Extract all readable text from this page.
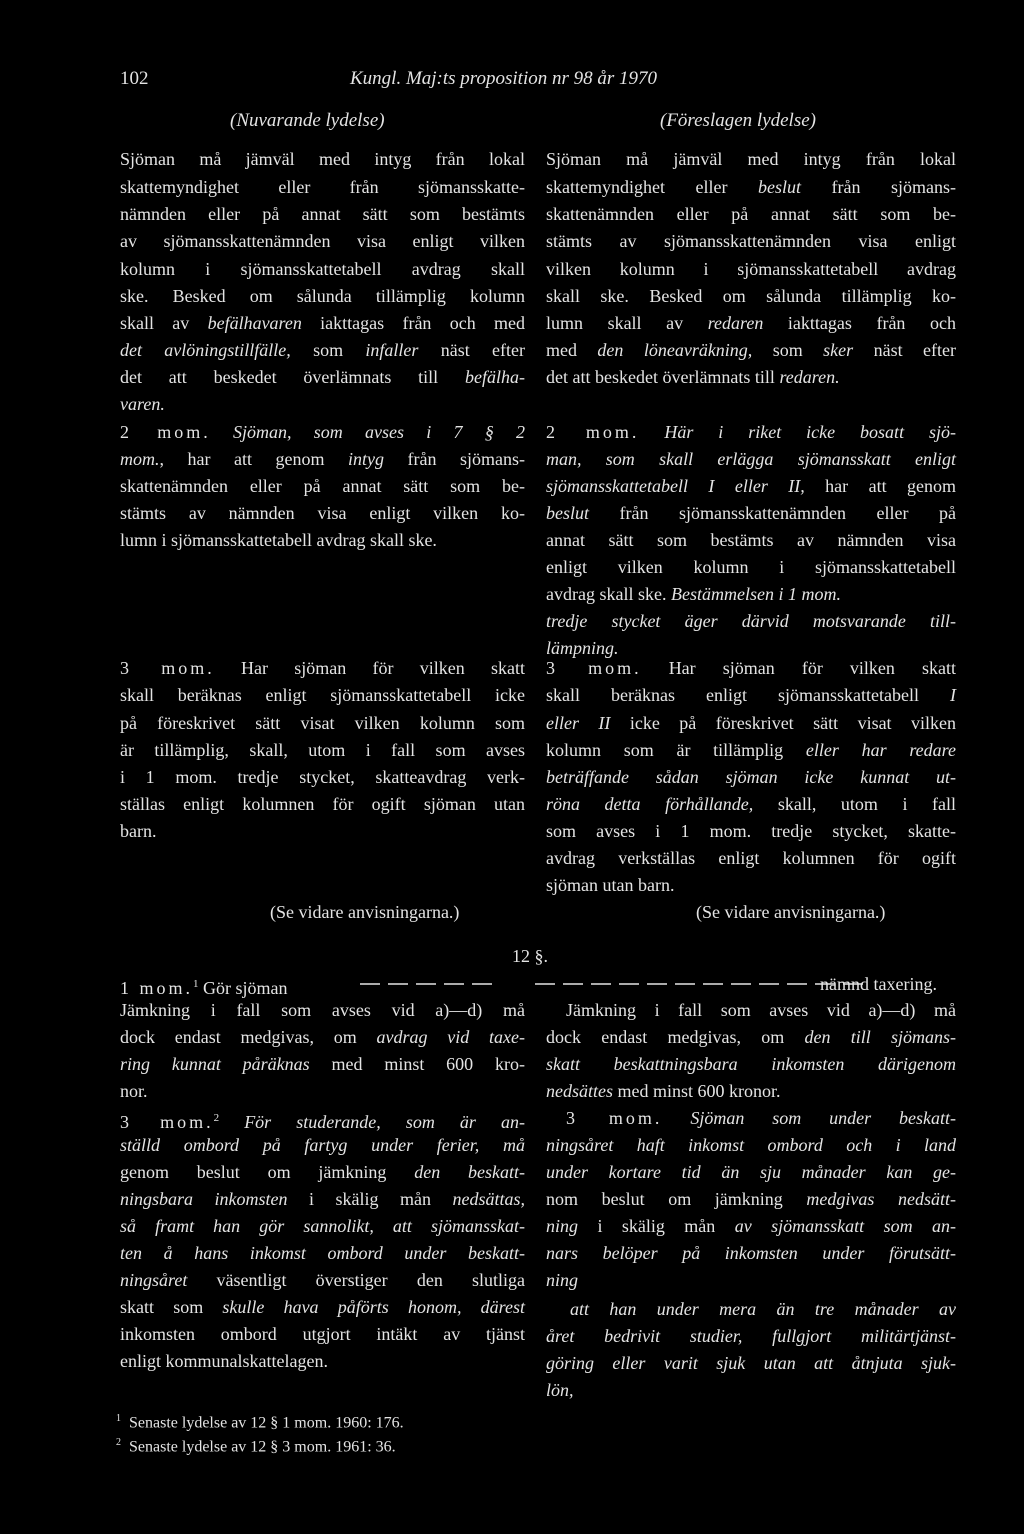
102	Kungl. Maj:ts proposition nr 98 år 1970
(Nuvarande lydelse)	(Föreslagen lydelse)
Sjöman må jämväl med intyg från lokal
skattemyndighet eller från sjömansskatte-
nämnden eller på annat sätt som bestämts
av sjömansskattenämnden visa enligt vilken
kolumn i sjömansskattetabell avdrag skall
ske. Besked om sålunda tillämplig kolumn
skall av befälhavaren iakttagas från och med
det avlöningstillfälle, som infaller näst efter
det att beskedet överlämnats till befälha-
varen.
2 mom. Sjöman, som avses i 7 § 2
mom., har att genom intyg från sjömans-
skattenämnden eller på annat sätt som be-
stämts av nämnden visa enligt vilken ko-
lumn i sjömansskattetabell avdrag skall ske.
3 mom. Har sjöman för vilken skatt
skall beräknas enligt sjömansskattetabell icke
på föreskrivet sätt visat vilken kolumn som
är tillämplig, skall, utom i fall som avses
i 1 mom. tredje stycket, skatteavdrag verk-
ställas enligt kolumnen för ogift sjöman utan
barn.
(Se vidare anvisningarna.)
Sjöman må jämväl med intyg från lokal
skattemyndighet eller beslut från sjömans-
skattenämnden eller på annat sätt som be-
stämts av sjömansskattenämnden visa enligt
vilken kolumn i sjömansskattetabell avdrag
skall ske. Besked om sålunda tillämplig ko-
lumn skall av redaren iakttagas från och
med den löneavräkning, som sker näst efter
det att beskedet överlämnats till redaren.
2 mom. Här i riket icke bosatt sjö-
man, som skall erlägga sjömansskatt enligt
sjömansskattetabell I eller II, har att genom
beslut från sjömansskattenämnden eller på
annat sätt som bestämts av nämnden visa
enligt vilken kolumn i sjömansskattetabell
avdrag skall ske. Bestämmelsen i 1 mom.
tredje stycket äger därvid motsvarande till-
lämpning.
3 mom. Har sjöman för vilken skatt
skall beräknas enligt sjömansskattetabell I
eller II icke på föreskrivet sätt visat vilken
kolumn som är tillämplig eller har redare
beträffande sådan sjöman icke kunnat ut-
röna detta förhållande, skall, utom i fall
som avses i 1 mom. tredje stycket, skatte-
avdrag verkställas enligt kolumnen för ogift
sjöman utan barn.
(Se vidare anvisningarna.)
12 §.
1 mom.$^1$ Gör sjöman	nämnd taxering.
Jämkning i fall som avses vid a)—d) må
dock endast medgivas, om avdrag vid taxe-
ring kunnat påräknas med minst 600 kro-
nor.
3 mom.$^2$ För studerande, som är an-
ställd ombord på fartyg under ferier, må
genom beslut om jämkning den beskatt-
ningsbara inkomsten i skälig mån nedsättas,
så framt han gör sannolikt, att sjömansskat-
ten å hans inkomst ombord under beskatt-
ningsåret väsentligt överstiger den slutliga
skatt som skulle hava påförts honom, därest
inkomsten ombord utgjort intäkt av tjänst
enligt kommunalskattelagen.
Jämkning i fall som avses vid a)—d) må
dock endast medgivas, om den till sjömans-
skatt beskattningsbara inkomsten därigenom
nedsättes med minst 600 kronor.
3 mom. Sjöman som under beskatt-
ningsåret haft inkomst ombord och i land
under kortare tid än sju månader kan ge-
nom beslut om jämkning medgivas nedsätt-
ning i skälig mån av sjömansskatt som an-
nars belöper på inkomsten under förutsätt-
ning
att han under mera än tre månader av
året bedrivit studier, fullgjort militärtjänst-
göring eller varit sjuk utan att åtnjuta sjuk-
lön,
$^1$ Senaste lydelse av 12 § 1 mom. 1960: 176.
$^2$ Senaste lydelse av 12 § 3 mom. 1961: 36.
